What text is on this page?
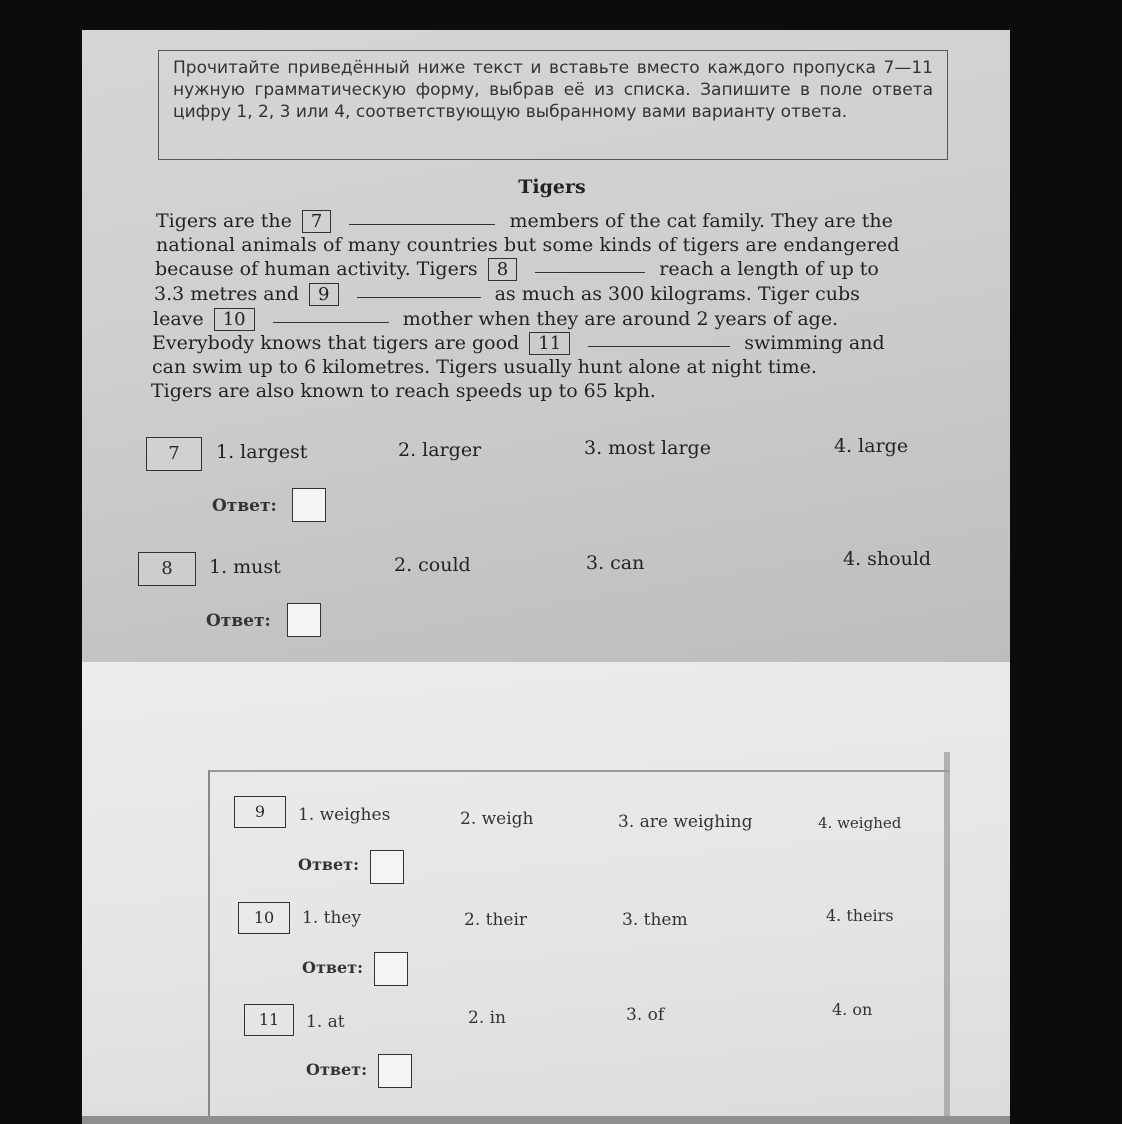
Прочитайте приведённый ниже текст и вставьте вместо каждого пропуска 7—11 нужную грамматическую форму, выбрав её из списка. Запишите в поле ответа цифру 1, 2, 3 или 4, соответствующую выбранному вами варианту ответа.
Tigers
Tigers are the 7	members of the cat family. They are the
national animals of many countries but some kinds of tigers are endangered
because of human activity. Tigers 8	reach a length of up to
3.3 metres and 9	as much as 300 kilograms. Tiger cubs
leave 10	mother when they are around 2 years of age.
Everybody knows that tigers are good 11	swimming and
can swim up to 6 kilometres. Tigers usually hunt alone at night time.
Tigers are also known to reach speeds up to 65 kph.
7	1. largest	2. larger	3. most large	4. large
Ответ:
8	1. must	2. could	3. can	4. should
Ответ:
9	1. weighes	2. weigh	3. are weighing	4. weighed
Ответ:
10	1. they	2. their	3. them	4. theirs
Ответ:
11	1. at	2. in	3. of	4. on
Ответ:
